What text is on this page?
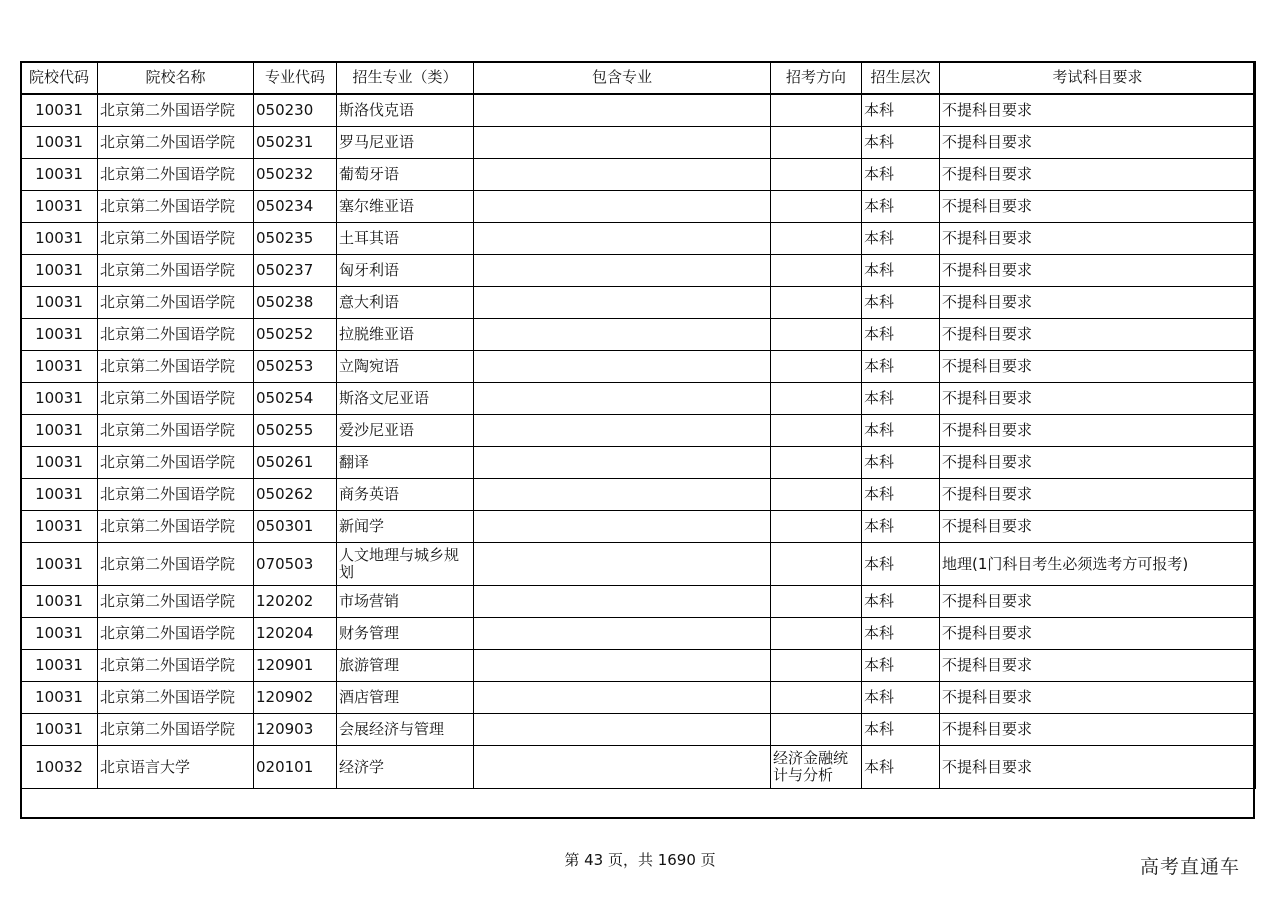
院校代码	院校名称	专业代码	招生专业（类）	包含专业	招考方向	招生层次	考试科目要求
10031	北京第二外国语学院	050230	斯洛伐克语			本科	不提科目要求
10031	北京第二外国语学院	050231	罗马尼亚语			本科	不提科目要求
10031	北京第二外国语学院	050232	葡萄牙语			本科	不提科目要求
10031	北京第二外国语学院	050234	塞尔维亚语			本科	不提科目要求
10031	北京第二外国语学院	050235	土耳其语			本科	不提科目要求
10031	北京第二外国语学院	050237	匈牙利语			本科	不提科目要求
10031	北京第二外国语学院	050238	意大利语			本科	不提科目要求
10031	北京第二外国语学院	050252	拉脱维亚语			本科	不提科目要求
10031	北京第二外国语学院	050253	立陶宛语			本科	不提科目要求
10031	北京第二外国语学院	050254	斯洛文尼亚语			本科	不提科目要求
10031	北京第二外国语学院	050255	爱沙尼亚语			本科	不提科目要求
10031	北京第二外国语学院	050261	翻译			本科	不提科目要求
10031	北京第二外国语学院	050262	商务英语			本科	不提科目要求
10031	北京第二外国语学院	050301	新闻学			本科	不提科目要求
10031	北京第二外国语学院	070503	人文地理与城乡规划			本科	地理(1门科目考生必须选考方可报考)
10031	北京第二外国语学院	120202	市场营销			本科	不提科目要求
10031	北京第二外国语学院	120204	财务管理			本科	不提科目要求
10031	北京第二外国语学院	120901	旅游管理			本科	不提科目要求
10031	北京第二外国语学院	120902	酒店管理			本科	不提科目要求
10031	北京第二外国语学院	120903	会展经济与管理			本科	不提科目要求
10032	北京语言大学	020101	经济学		经济金融统计与分析	本科	不提科目要求
第 43 页，共 1690 页	高考直通车
